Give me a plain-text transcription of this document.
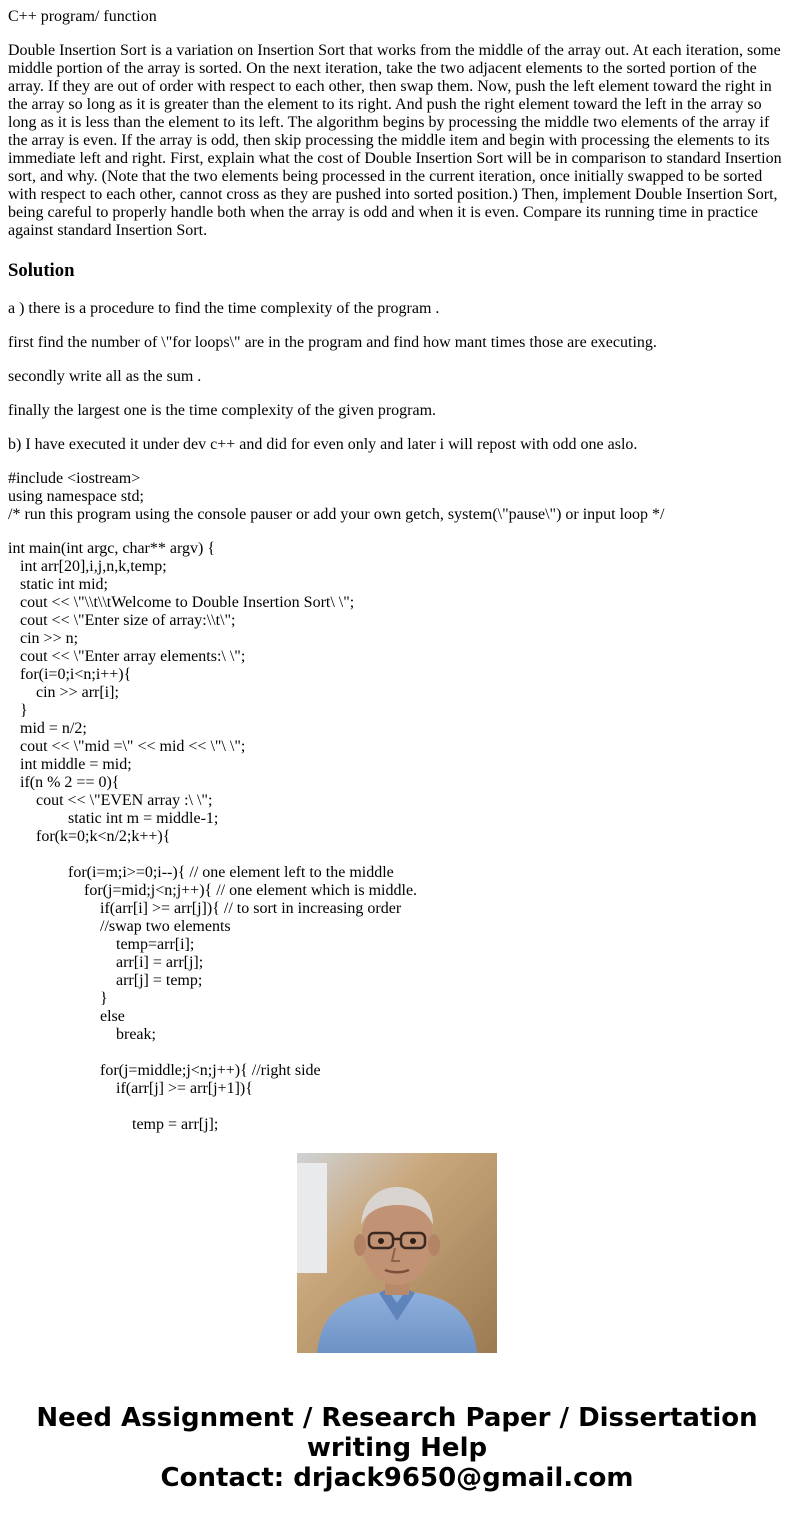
C++ program/ function

Double Insertion Sort is a variation on Insertion Sort that works from the middle of the array out. At each iteration, some middle portion of the array is sorted. On the next iteration, take the two adjacent elements to the sorted portion of the array. If they are out of order with respect to each other, then swap them. Now, push the left element toward the right in the array so long as it is greater than the element to its right. And push the right element toward the left in the array so long as it is less than the element to its left. The algorithm begins by processing the middle two elements of the array if the array is even. If the array is odd, then skip processing the middle item and begin with processing the elements to its immediate left and right. First, explain what the cost of Double Insertion Sort will be in comparison to standard Insertion sort, and why. (Note that the two elements being processed in the current iteration, once initially swapped to be sorted with respect to each other, cannot cross as they are pushed into sorted position.) Then, implement Double Insertion Sort, being careful to properly handle both when the array is odd and when it is even. Compare its running time in practice against standard Insertion Sort.

Solution

a ) there is a procedure to find the time complexity of the program .

first find the number of \"for loops\" are in the program and find how mant times those are executing.

secondly write all as the sum .

finally the largest one is the time complexity of the given program.

b) I have executed it under dev c++ and did for even only and later i will repost with odd one aslo.

#include <iostream>
using namespace std;
/* run this program using the console pauser or add your own getch, system(\"pause\") or input loop */

int main(int argc, char** argv) {
int arr[20],i,j,n,k,temp;
static int mid;
cout << \"\\t\\tWelcome to Double Insertion Sort\ \";
cout << \"Enter size of array:\\t\";
cin >> n;
cout << \"Enter array elements:\ \";
for(i=0;i<n;i++){
cin >> arr[i];
}
mid = n/2;
cout << \"mid =\" << mid << \"\ \";
int middle = mid;
if(n % 2 == 0){
cout << \"EVEN array :\ \";
static int m = middle-1;
for(k=0;k<n/2;k++){
for(i=m;i>=0;i--){ // one element left to the middle
for(j=mid;j<n;j++){ // one element which is middle.
if(arr[i] >= arr[j]){ // to sort in increasing order
//swap two elements
temp=arr[i];
arr[i] = arr[j];
arr[j] = temp;
}
else
break;
for(j=middle;j<n;j++){ //right side
if(arr[j] >= arr[j+1]){
temp = arr[j];
Need Assignment / Research Paper / Dissertation
writing Help
Contact: drjack9650@gmail.com
